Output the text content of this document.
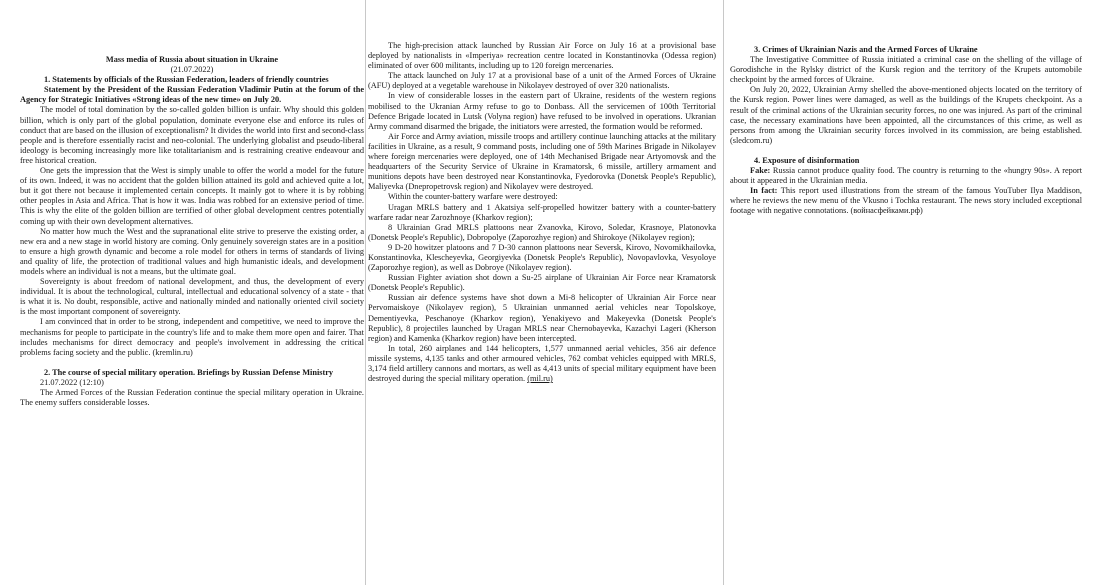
Mass media of Russia about situation in Ukraine

(21.07.2022)

1. Statements by officials of the Russian Federation, leaders of friendly countries

Statement by the President of the Russian Federation Vladimir Putin at the forum of the Agency for Strategic Initiatives «Strong ideas of the new time» on July 20.

The model of total domination by the so-called golden billion is unfair. Why should this golden billion, which is only part of the global population, dominate everyone else and enforce its rules of conduct that are based on the illusion of exceptionalism? It divides the world into first and second-class people and is therefore essentially racist and neo-colonial. The underlying globalist and pseudo-liberal ideology is becoming increasingly more like totalitarianism and is restraining creative endeavour and free historical creation.

One gets the impression that the West is simply unable to offer the world a model for the future of its own. Indeed, it was no accident that the golden billion attained its gold and achieved quite a lot, but it got there not because it implemented certain concepts. It mainly got to where it is by robbing other peoples in Asia and Africa. That is how it was. India was robbed for an extensive period of time. This is why the elite of the golden billion are terrified of other global development centres potentially coming up with their own development alternatives.

No matter how much the West and the supranational elite strive to preserve the existing order, a new era and a new stage in world history are coming. Only genuinely sovereign states are in a position to ensure a high growth dynamic and become a role model for others in terms of standards of living and quality of life, the protection of traditional values and high humanistic ideals, and development models where an individual is not a means, but the ultimate goal.

Sovereignty is about freedom of national development, and thus, the development of every individual. It is about the technological, cultural, intellectual and educational solvency of a state - that is what it is. No doubt, responsible, active and nationally minded and nationally oriented civil society is the most important component of sovereignty.

I am convinced that in order to be strong, independent and competitive, we need to improve the mechanisms for people to participate in the country's life and to make them more open and fairer. That includes mechanisms for direct democracy and people's involvement in addressing the critical problems facing society and the public. (kremlin.ru)

2. The course of special military operation. Briefings by Russian Defense Ministry

21.07.2022 (12:10)

The Armed Forces of the Russian Federation continue the special military operation in Ukraine. The enemy suffers considerable losses.

The high-precision attack launched by Russian Air Force on July 16 at a provisional base deployed by nationalists in «Imperiya» recreation centre located in Konstantinovka (Odessa region) eliminated of over 600 militants, including up to 120 foreign mercenaries.

The attack launched on July 17 at a provisional base of a unit of the Armed Forces of Ukraine (AFU) deployed at a vegetable warehouse in Nikolayev destroyed of over 320 nationalists.

In view of considerable losses in the eastern part of Ukraine, residents of the western regions mobilised to the Ukranian Army refuse to go to Donbass. All the servicemen of 100th Territorial Defence Brigade located in Lutsk (Volyna region) have refused to be involved in operations. Ukranian Army command disarmed the brigade, the initiators were arrested, the formation would be reformed.

Air Force and Army aviation, missile troops and artillery continue launching attacks at the military facilities in Ukraine, as a result, 9 command posts, including one of 59th Marines Brigade in Nikolayev where foreign mercenaries were deployed, one of 14th Mechanised Brigade near Artyomovsk and the headquarters of the Security Service of Ukraine in Kramatorsk, 6 missile, artillery armament and munitions depots have been destroyed near Konstantinovka, Fyedorovka (Donetsk People's Republic), Maliyevka (Dnepropetrovsk region) and Nikolayev were destroyed.

Within the counter-battery warfare were destroyed:

Uragan MRLS battery and 1 Akatsiya self-propelled howitzer battery with a counter-battery warfare radar near Zarozhnoye (Kharkov region);

8 Ukrainian Grad MRLS plattoons near Zvanovka, Kirovo, Soledar, Krasnoye, Platonovka (Donetsk People's Republic), Dobropolye (Zaporozhye region) and Shirokoye (Nikolayev region);

9 D-20 howitzer platoons and 7 D-30 cannon plattoons near Seversk, Kirovo, Novomikhailovka, Konstantinovka, Klescheyevka, Georgiyevka (Donetsk People's Republic), Novopavlovka, Vesyoloye (Zaporozhye region), as well as Dobroye (Nikolayev region).

Russian Fighter aviation shot down a Su-25 airplane of Ukrainian Air Force near Kramatorsk (Donetsk People's Republic).

Russian air defence systems have shot down a Mi-8 helicopter of Ukrainian Air Force near Pervomaiskoye (Nikolayev region), 5 Ukrainian unmanned aerial vehicles near Topolskoye, Dementiyevka, Peschanoye (Kharkov region), Yenakiyevo and Makeyevka (Donetsk People's Republic), 8 projectiles launched by Uragan MRLS near Chernobayevka, Kazachyi Lageri (Kherson region) and Kamenka (Kharkov region) have been intercepted.

In total, 260 airplanes and 144 helicopters, 1,577 unmanned aerial vehicles, 356 air defence missile systems, 4,135 tanks and other armoured vehicles, 762 combat vehicles equipped with MRLS, 3,174 field artillery cannons and mortars, as well as 4,413 units of special military equipment have been destroyed during the special military operation. (mil.ru)

3. Crimes of Ukrainian Nazis and the Armed Forces of Ukraine

The Investigative Committee of Russia initiated a criminal case on the shelling of the village of Gorodishche in the Rylsky district of the Kursk region and the territory of the Krupets automobile checkpoint by the armed forces of Ukraine.

On July 20, 2022, Ukrainian Army shelled the above-mentioned objects located on the territory of the Kursk region. Power lines were damaged, as well as the buildings of the Krupets checkpoint. As a result of the criminal actions of the Ukrainian security forces, no one was injured. As part of the criminal case, the necessary examinations have been appointed, all the circumstances of this crime, as well as persons from among the Ukrainian security forces involved in its commission, are being established. (sledcom.ru)

4. Exposure of disinformation

Fake: Russia cannot produce quality food. The country is returning to the «hungry 90s». A report about it appeared in the Ukrainian media.

In fact: This report used illustrations from the stream of the famous YouTuber Ilya Maddison, where he reviews the new menu of the Vkusno i Tochka restaurant. The news story included exceptional footage with negative connotations. (войнасфейками.рф)
